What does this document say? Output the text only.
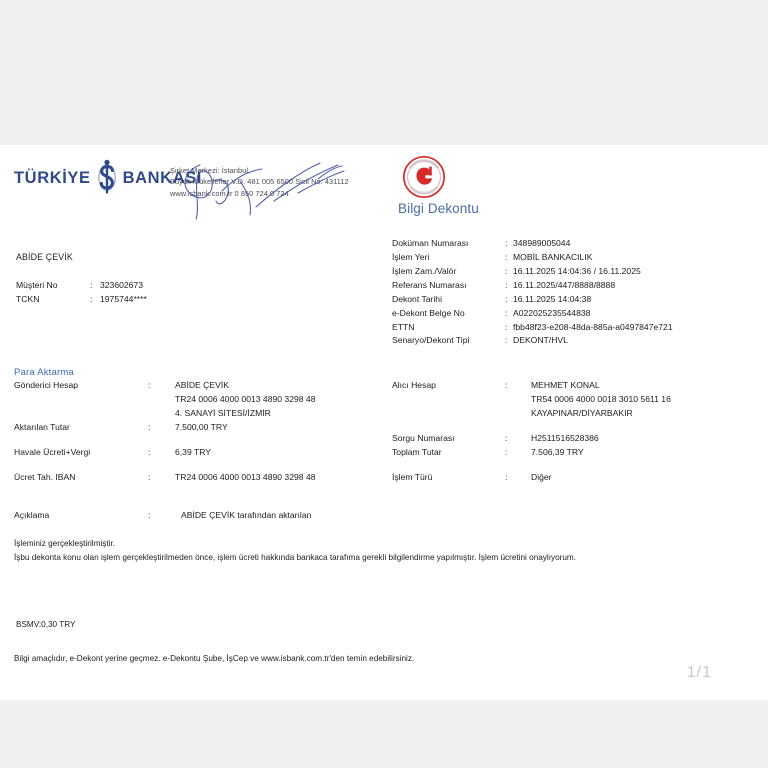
TÜRKİYE BANKASI
Şirket Merkezi: İstanbul,
Büyük Mükellefler V.D. 481 005 6500 Sicil No: 431112
www.isbank.com.tr 0 850 724 0 724
Bilgi Dekontu
ABİDE ÇEVİK
Müşteri No	: 323602673
TCKN	: 1975744****
Doküman Numarası	: 348989005044
İşlem Yeri	: MOBİL BANKACILIK
İşlem Zam./Valör	: 16.11.2025 14:04:36 / 16.11.2025
Referans Numarası	: 16.11.2025/447/8888/8888
Dekont Tarihi	: 16.11.2025 14:04:38
e-Dekont Belge No	: A022025235544838
ETTN	: fbb48f23-e208-48da-885a-a0497847e721
Senaryo/Dekont Tipi	: DEKONT/HVL
Para Aktarma
Gönderici Hesap	:	ABİDE ÇEVİK
TR24 0006 4000 0013 4890 3298 48
4. SANAYİ SİTESİ/İZMİR
Aktarılan Tutar	:	7.500,00 TRY
Havale Ücreti+Vergi	:	6,39 TRY
Ücret Tah. IBAN	:	TR24 0006 4000 0013 4890 3298 48
Alıcı Hesap	:	MEHMET KONAL
TR54 0006 4000 0018 3010 5611 16
KAYAPINAR/DİYARBAKIR
Sorgu Numarası	:	H2511516528386
Toplam Tutar	:	7.506,39 TRY
İşlem Türü	:	Diğer
Açıklama	:	ABİDE ÇEVİK tarafından aktarılan
İşleminiz gerçekleştirilmiştir.
İşbu dekonta konu olan işlem gerçekleştirilmeden önce, işlem ücreti hakkında bankaca tarafıma gerekli bilgilendirme yapılmıştır. İşlem ücretini onaylıyorum.
BSMV:0,30 TRY
Bilgi amaçlıdır, e-Dekont yerine geçmez. e-Dekontu Şube, İşCep ve www.isbank.com.tr'den temin edebilirsiniz.
1/1
